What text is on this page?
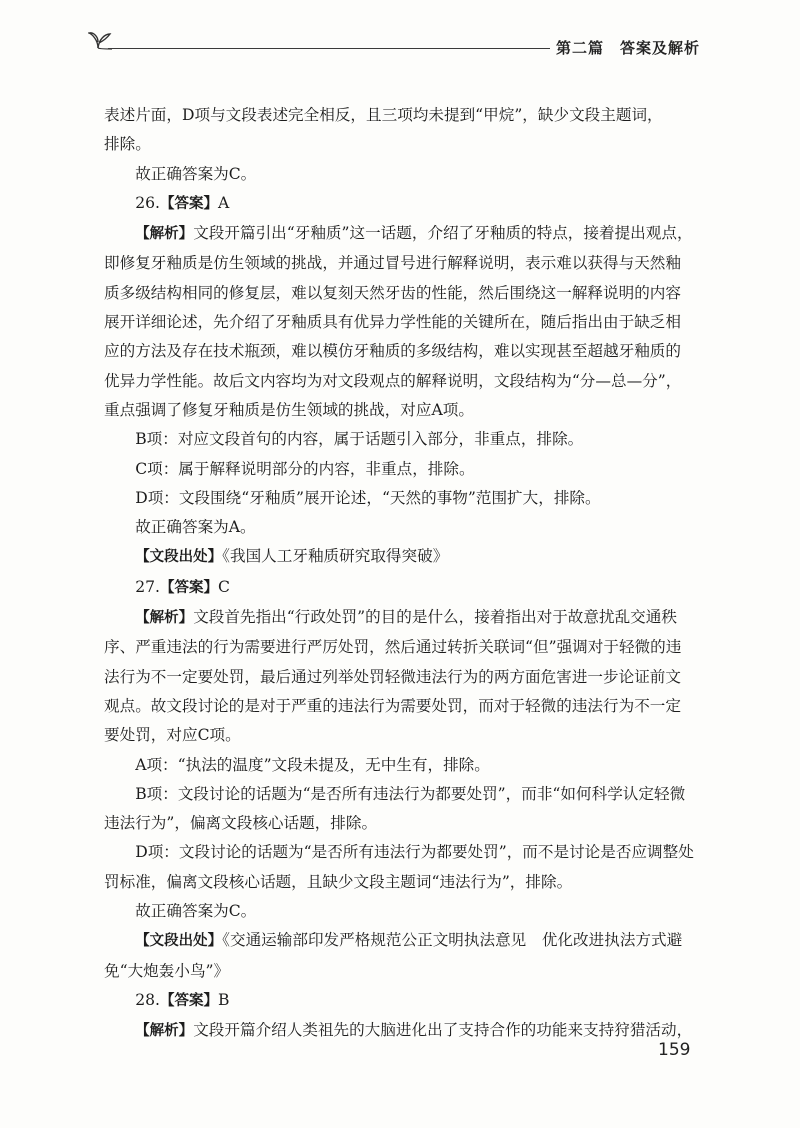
第二篇　答案及解析

表述片面，D项与文段表述完全相反，且三项均未提到“甲烷”，缺少文段主题词，
排除。

故正确答案为C。

26.【答案】A

【解析】文段开篇引出“牙釉质”这一话题，介绍了牙釉质的特点，接着提出观点，即修复牙釉质是仿生领域的挑战，并通过冒号进行解释说明，表示难以获得与天然釉质多级结构相同的修复层，难以复刻天然牙齿的性能，然后围绕这一解释说明的内容展开详细论述，先介绍了牙釉质具有优异力学性能的关键所在，随后指出由于缺乏相应的方法及存在技术瓶颈，难以模仿牙釉质的多级结构，难以实现甚至超越牙釉质的优异力学性能。故后文内容均为对文段观点的解释说明，文段结构为“分—总—分”，重点强调了修复牙釉质是仿生领域的挑战，对应A项。

B项：对应文段首句的内容，属于话题引入部分，非重点，排除。

C项：属于解释说明部分的内容，非重点，排除。

D项：文段围绕“牙釉质”展开论述，“天然的事物”范围扩大，排除。

故正确答案为A。

【文段出处】《我国人工牙釉质研究取得突破》

27.【答案】C

【解析】文段首先指出“行政处罚”的目的是什么，接着指出对于故意扰乱交通秩序、严重违法的行为需要进行严厉处罚，然后通过转折关联词“但”强调对于轻微的违法行为不一定要处罚，最后通过列举处罚轻微违法行为的两方面危害进一步论证前文观点。故文段讨论的是对于严重的违法行为需要处罚，而对于轻微的违法行为不一定要处罚，对应C项。

A项：“执法的温度”文段未提及，无中生有，排除。

B项：文段讨论的话题为“是否所有违法行为都要处罚”，而非“如何科学认定轻微违法行为”，偏离文段核心话题，排除。

D项：文段讨论的话题为“是否所有违法行为都要处罚”，而不是讨论是否应调整处罚标准，偏离文段核心话题，且缺少文段主题词“违法行为”，排除。

故正确答案为C。

【文段出处】《交通运输部印发严格规范公正文明执法意见　优化改进执法方式避免“大炮轰小鸟”》

28.【答案】B

【解析】文段开篇介绍人类祖先的大脑进化出了支持合作的功能来支持狩猎活动，

159
